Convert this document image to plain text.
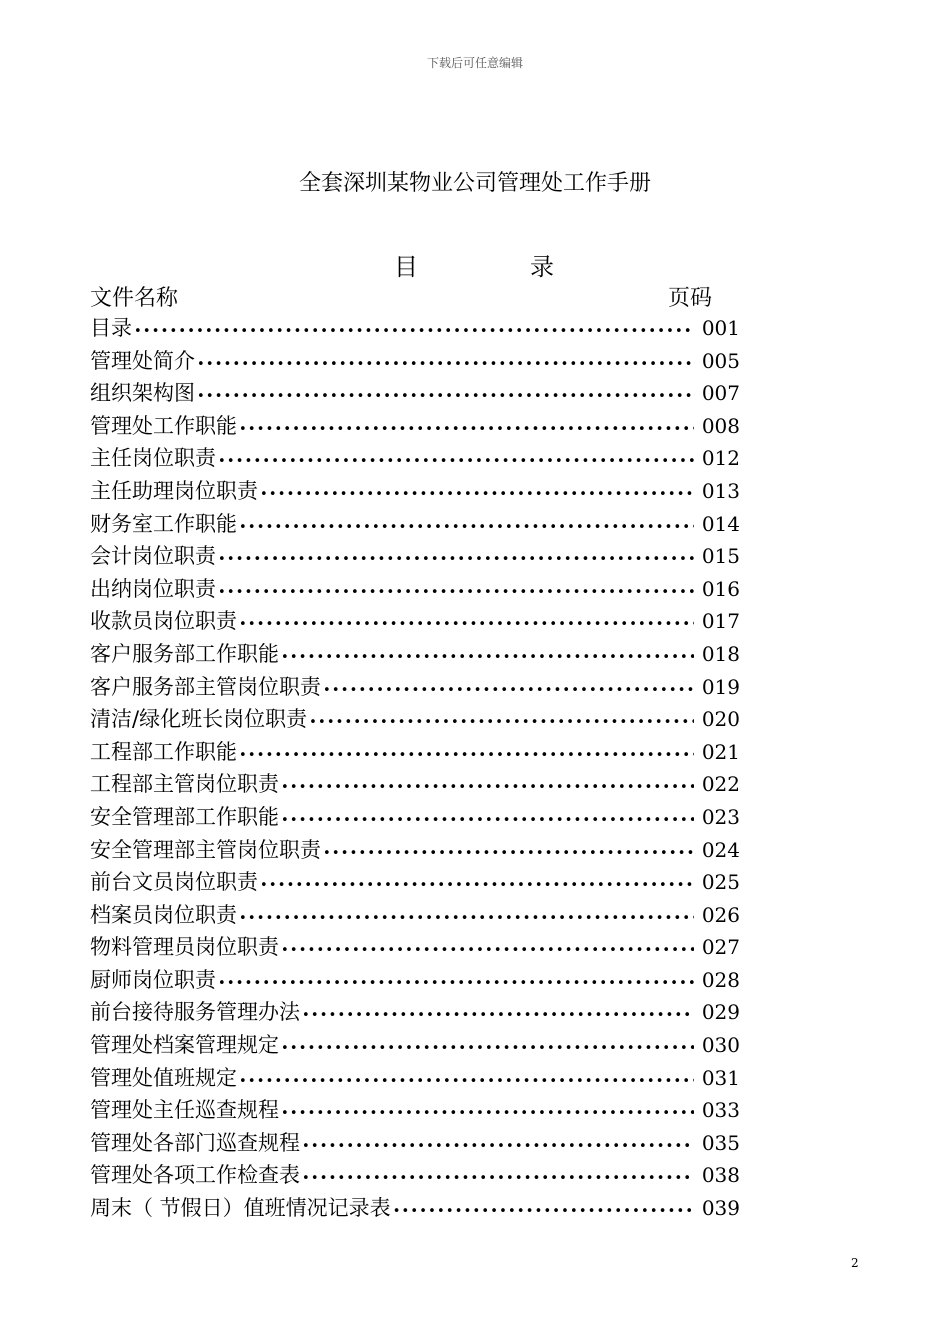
下载后可任意编辑
全套深圳某物业公司管理处工作手册
目	录
文件名称	页码
目录 •••••	001
管理处简介 •••••	005
组织架构图 •••••	007
管理处工作职能 •••••	008
主任岗位职责 •••••	012
主任助理岗位职责 •••••	013
财务室工作职能 •••••	014
会计岗位职责 •••••	015
出纳岗位职责 •••••	016
收款员岗位职责 •••••	017
客户服务部工作职能 •••••	018
客户服务部主管岗位职责 •••••	019
清洁/绿化班长岗位职责 •••••	020
工程部工作职能 •••••	021
工程部主管岗位职责 •••••	022
安全管理部工作职能 •••••	023
安全管理部主管岗位职责 •••••	024
前台文员岗位职责 •••••	025
档案员岗位职责 •••••	026
物料管理员岗位职责 •••••	027
厨师岗位职责 •••••	028
前台接待服务管理办法 •••••	029
管理处档案管理规定 •••••	030
管理处值班规定 •••••	031
管理处主任巡查规程 •••••	033
管理处各部门巡查规程 •••••	035
管理处各项工作检查表 •••••	038
周末（ 节假日）值班情况记录表 •••••	039
2
